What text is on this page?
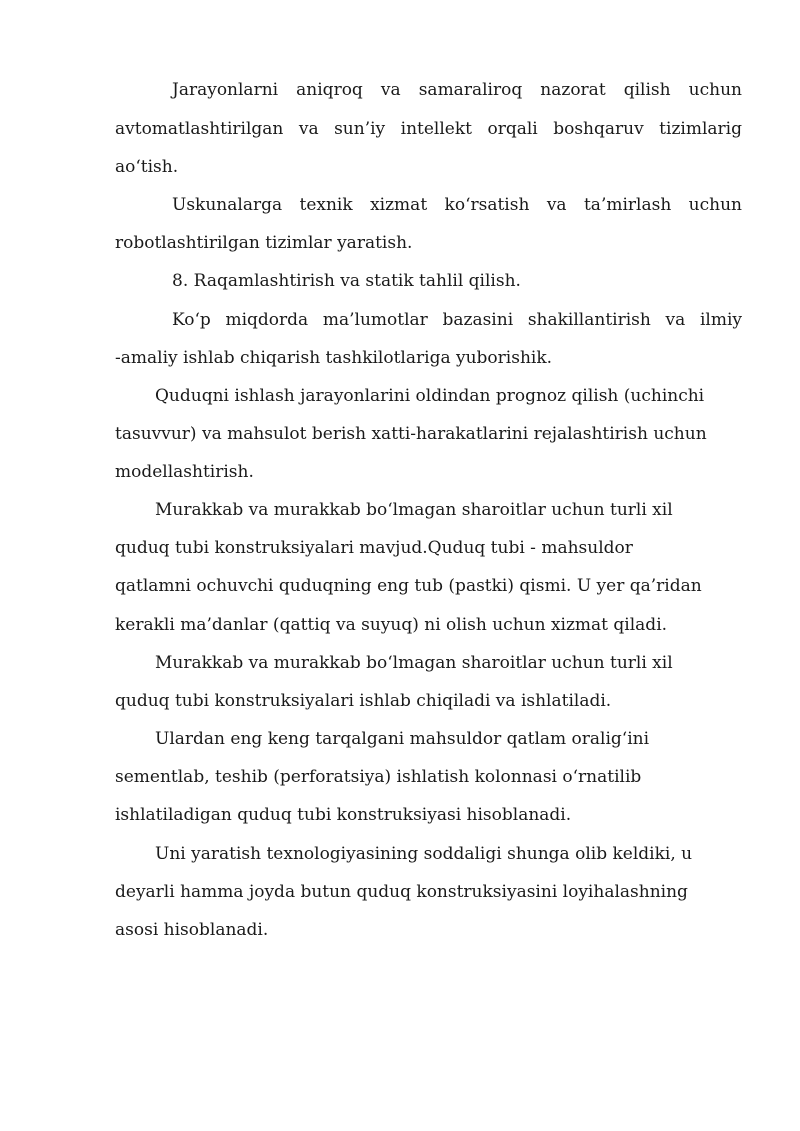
Jarayonlarni aniqroq va samaraliroq nazorat qilish uchun
avtomatlashtirilgan va sun’iy intellekt orqali boshqaruv tizimlarig
ao‘tish.
Uskunalarga texnik xizmat ko‘rsatish va ta’mirlash uchun
robotlashtirilgan tizimlar yaratish.
8. Raqamlashtirish va statik tahlil qilish.
Ko‘p miqdorda ma’lumotlar bazasini shakillantirish va ilmiy
-amaliy ishlab chiqarish tashkilotlariga yuborishik.
Quduqni ishlash jarayonlarini oldindan prognoz qilish (uchinchi
tasuvvur) va mahsulot berish xatti-harakatlarini rejalashtirish uchun
modellashtirish.
Murakkab va murakkab bo‘lmagan sharoitlar uchun turli xil
quduq tubi konstruksiyalari mavjud.Quduq tubi - mahsuldor
qatlamni ochuvchi quduqning eng tub (pastki) qismi. U yer qa’ridan
kerakli ma’danlar (qattiq va suyuq) ni olish uchun xizmat qiladi.
Murakkab va murakkab bo‘lmagan sharoitlar uchun turli xil
quduq tubi konstruksiyalari ishlab chiqiladi va ishlatiladi.
Ulardan eng keng tarqalgani mahsuldor qatlam oralig‘ini
sementlab, teshib (perforatsiya) ishlatish kolonnasi o‘rnatilib
ishlatiladigan quduq tubi konstruksiyasi hisoblanadi.
Uni yaratish texnologiyasining soddaligi shunga olib keldiki, u
deyarli hamma joyda butun quduq konstruksiyasini loyihalashning
asosi hisoblanadi.
